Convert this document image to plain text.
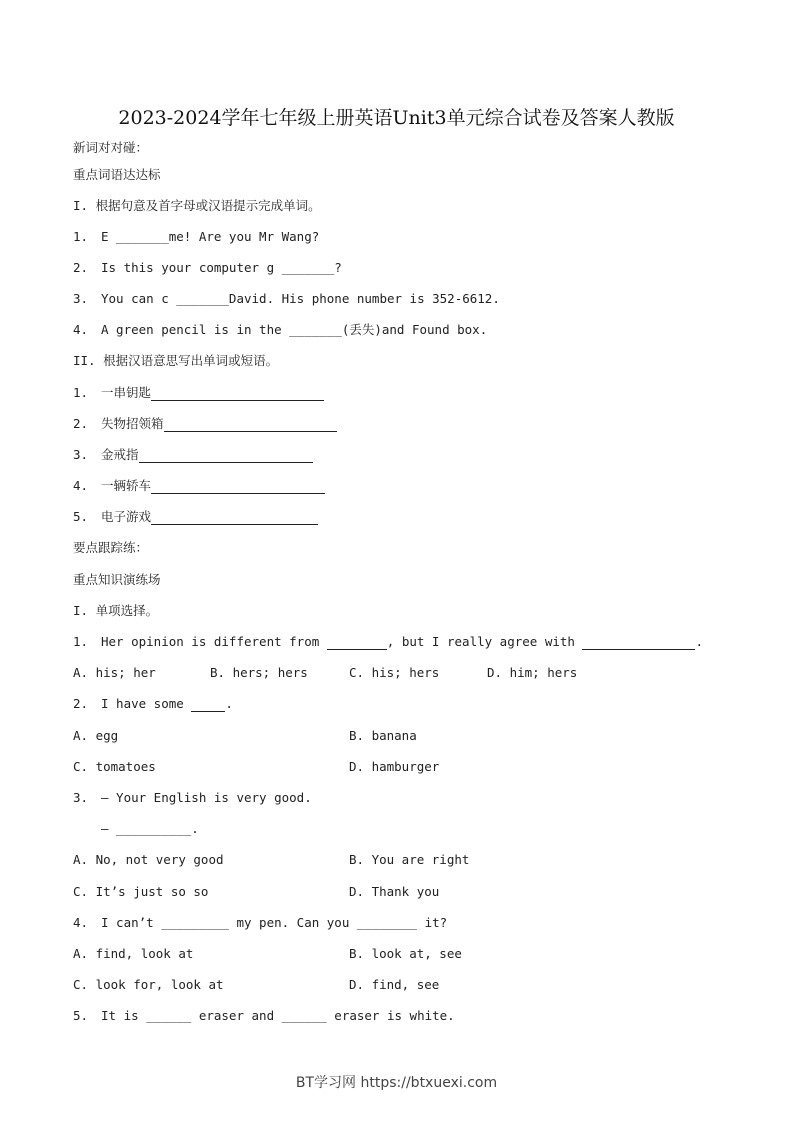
2023-2024学年七年级上册英语Unit3单元综合试卷及答案人教版
新词对对碰：
重点词语达达标
I. 根据句意及首字母或汉语提示完成单词。
1. E _______me! Are you Mr Wang?
2. Is this your computer g _______?
3. You can c _______David. His phone number is 352-6612.
4. A green pencil is in the _______(丢失)and Found box.
II. 根据汉语意思写出单词或短语。
1. 一串钥匙
2. 失物招领箱
3. 金戒指
4. 一辆轿车
5. 电子游戏
要点跟踪练：
重点知识演练场
I. 单项选择。
1. Her opinion is different from	, but I really agree with	.
A. his; her	B. hers; hers	C. his; hers	D. him; hers
2. I have some	.
A. egg	B. banana
C. tomatoes	D. hamburger
3. — Your English is very good.
— __________.
A. No, not very good	B. You are right
C. It’s just so so	D. Thank you
4. I can’t _________ my pen. Can you ________ it?
A. find, look at	B. look at, see
C. look for, look at	D. find, see
5. It is ______ eraser and ______ eraser is white.
BT学习网 https://btxuexi.com
